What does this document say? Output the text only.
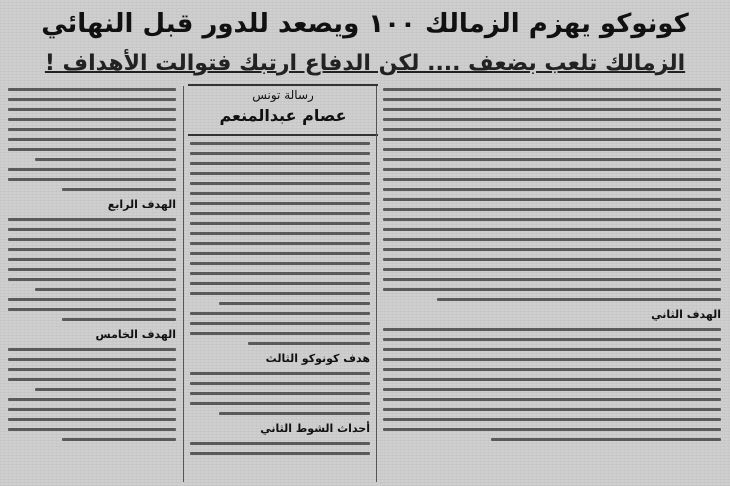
كونوكو يهزم الزمالك ١٠٠ ويصعد للدور قبل النهائي
الزمالك تلعب بضعف .... لكن الدفاع ارتبك فتوالت الأهداف !
رسالة تونس
عصام عبدالمنعم
الهدف الرابع
الهدف الخامس
هدف كونوكو الثالث
أحداث الشوط الثاني
الهدف الثاني
